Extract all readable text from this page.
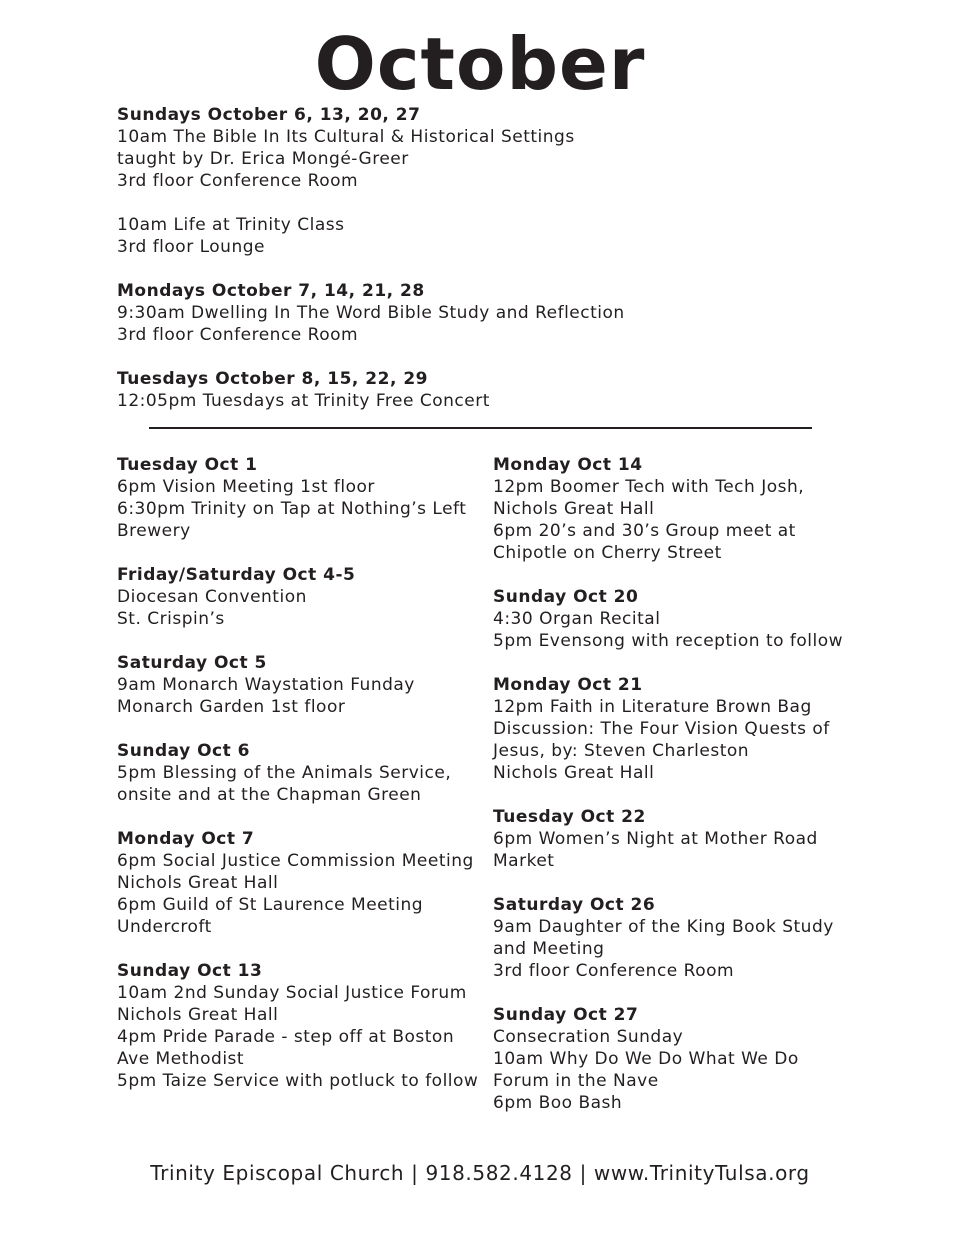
October
Sundays October 6, 13, 20, 27
10am The Bible In Its Cultural & Historical Settings
taught by Dr. Erica Mongé-Greer
3rd floor Conference Room
10am Life at Trinity Class
3rd floor Lounge
Mondays October 7, 14, 21, 28
9:30am Dwelling In The Word Bible Study and Reflection
3rd floor Conference Room
Tuesdays October 8, 15, 22, 29
12:05pm Tuesdays at Trinity Free Concert
Tuesday Oct 1
6pm Vision Meeting 1st floor
6:30pm Trinity on Tap at Nothing’s Left
Brewery
Friday/Saturday Oct 4-5
Diocesan Convention
St. Crispin’s
Saturday Oct 5
9am Monarch Waystation Funday
Monarch Garden 1st floor
Sunday Oct 6
5pm Blessing of the Animals Service,
onsite and at the Chapman Green
Monday Oct 7
6pm Social Justice Commission Meeting
Nichols Great Hall
6pm Guild of St Laurence Meeting
Undercroft
Sunday Oct 13
10am 2nd Sunday Social Justice Forum
Nichols Great Hall
4pm Pride Parade - step off at Boston
Ave Methodist
5pm Taize Service with potluck to follow
Monday Oct 14
12pm Boomer Tech with Tech Josh,
Nichols Great Hall
6pm 20’s and 30’s Group meet at
Chipotle on Cherry Street
Sunday Oct 20
4:30 Organ Recital
5pm Evensong with reception to follow
Monday Oct 21
12pm Faith in Literature Brown Bag
Discussion: The Four Vision Quests of
Jesus, by: Steven Charleston
Nichols Great Hall
Tuesday Oct 22
6pm Women’s Night at Mother Road
Market
Saturday Oct 26
9am Daughter of the King Book Study
and Meeting
3rd floor Conference Room
Sunday Oct 27
Consecration Sunday
10am Why Do We Do What We Do
Forum in the Nave
6pm Boo Bash
Trinity Episcopal Church | 918.582.4128 | www.TrinityTulsa.org
